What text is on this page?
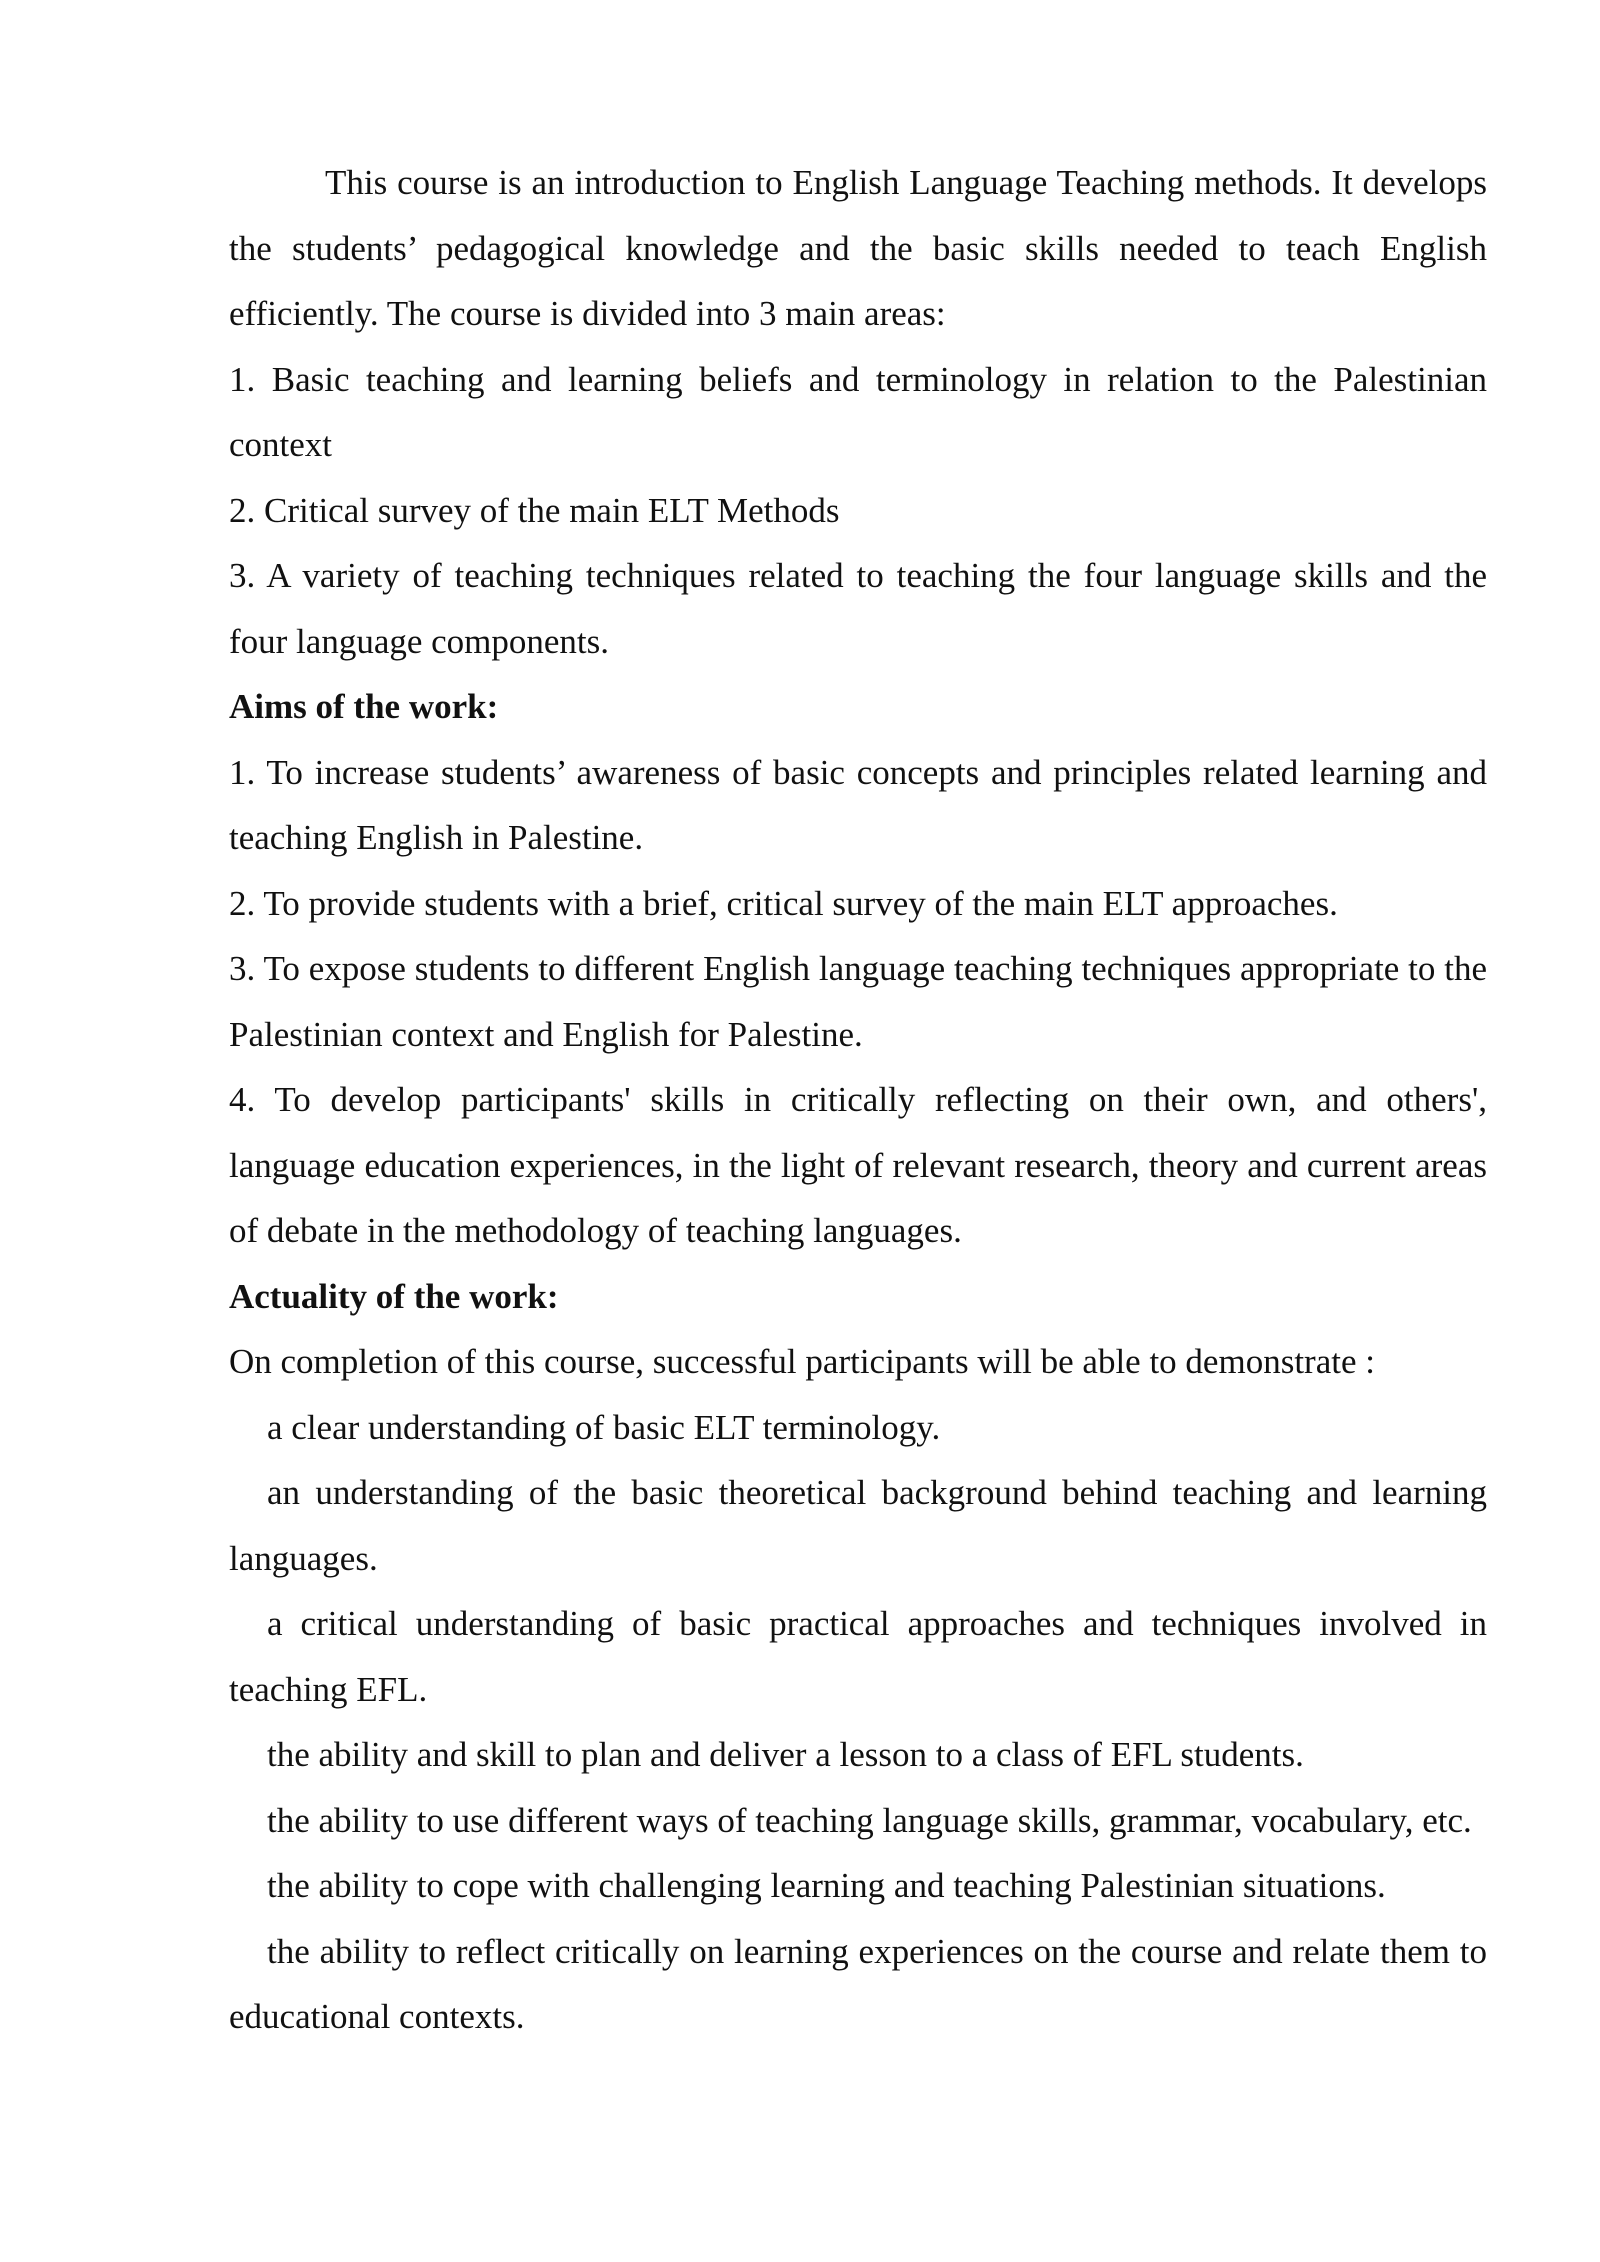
This course is an introduction to English Language Teaching methods. It develops the students’ pedagogical knowledge and the basic skills needed to teach English efficiently. The course is divided into 3 main areas:

1. Basic teaching and learning beliefs and terminology in relation to the Palestinian context

2. Critical survey of the main ELT Methods

3. A variety of teaching techniques related to teaching the four language skills and the four language components.

Aims of the work:

1. To increase students’ awareness of basic concepts and principles related learning and teaching English in Palestine.

2. To provide students with a brief, critical survey of the main ELT approaches.

3. To expose students to different English language teaching techniques appropriate to the Palestinian context and English for Palestine.

4. To develop participants' skills in critically reflecting on their own, and others', language education experiences, in the light of relevant research, theory and current areas of debate in the methodology of teaching languages.

Actuality of the work:

On completion of this course, successful participants will be able to demonstrate :

a clear understanding of basic ELT terminology.

an understanding of the basic theoretical background behind teaching and learning languages.

a critical understanding of basic practical approaches and techniques involved in teaching EFL.

the ability and skill to plan and deliver a lesson to a class of EFL students.

the ability to use different ways of teaching language skills, grammar, vocabulary, etc.

the ability to cope with challenging learning and teaching Palestinian situations.

the ability to reflect critically on learning experiences on the course and relate them to educational contexts.
